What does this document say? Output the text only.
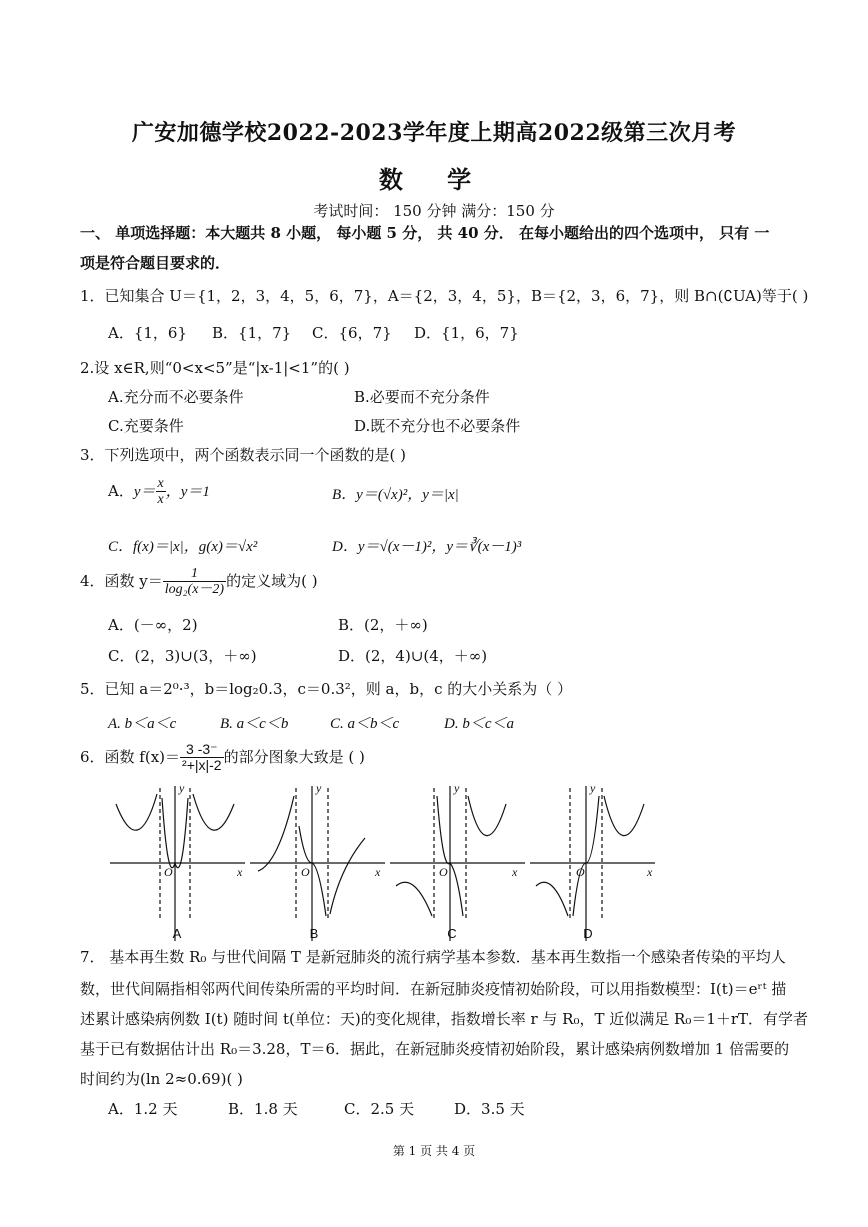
广安加德学校2022-2023学年度上期高2022级第三次月考
数 学
考试时间： 150 分钟 满分：150 分
一、 单项选择题：本大题共 8 小题， 每小题 5 分， 共 40 分． 在每小题给出的四个选项中， 只有 一
项是符合题目要求的．
1．已知集合 U＝{1，2，3，4，5，6，7}，A＝{2，3，4，5}，B＝{2，3，6，7}，则 B∩(∁UA)等于( )
A．{1，6} B．{1，7} C．{6，7} D．{1，6，7}
2.设 x∈R,则“0<x<5”是“|x-1|<1”的( )
A.充分而不必要条件	B.必要而不充分条件
C.充要条件	D.既不充分也不必要条件
3．下列选项中，两个函数表示同一个函数的是( )
A．$y= \frac{x}{x}$ ，y＝1	B．y＝(√x)²，y＝|x|
C．f(x)＝|x|，g(x)＝√x²	D．y＝√(x－1)²，y＝∛(x－1)³
4．函数 $y= \frac{1}{\text{log₂(x－2)}}$ 的定义域为( )
A．(－∞，2)	B．(2，＋∞)
C．(2，3)∪(3，＋∞)	D．(2，4)∪(4，＋∞)
5．已知 a＝2⁰·³，b＝log₂0.3，c＝0.3²，则 a，b，c 的大小关系为（ ）
A. b＜a＜c	B. a＜c＜b	C. a＜b＜c	D. b＜c＜a
6．函数 $f(x)= \frac{3 -3^-}{\text{²+|x|-2}}$ 的部分图象大致是 ( )
y
x
O
y
x
O
y
x
O
y
x
O
A	B	C	D
7． 基本再生数 R₀ 与世代间隔 T 是新冠肺炎的流行病学基本参数．基本再生数指一个感染者传染的平均人
数，世代间隔指相邻两代间传染所需的平均时间．在新冠肺炎疫情初始阶段，可以用指数模型：I(t)＝eʳᵗ 描
述累计感染病例数 I(t) 随时间 t(单位：天)的变化规律，指数增长率 r 与 R₀，T 近似满足 R₀＝1＋rT．有学者
基于已有数据估计出 R₀＝3.28，T＝6．据此，在新冠肺炎疫情初始阶段，累计感染病例数增加 1 倍需要的
时间约为(ln 2≈0.69)( )
A．1.2 天	B．1.8 天	C．2.5 天	D．3.5 天
第 1 页 共 4 页
